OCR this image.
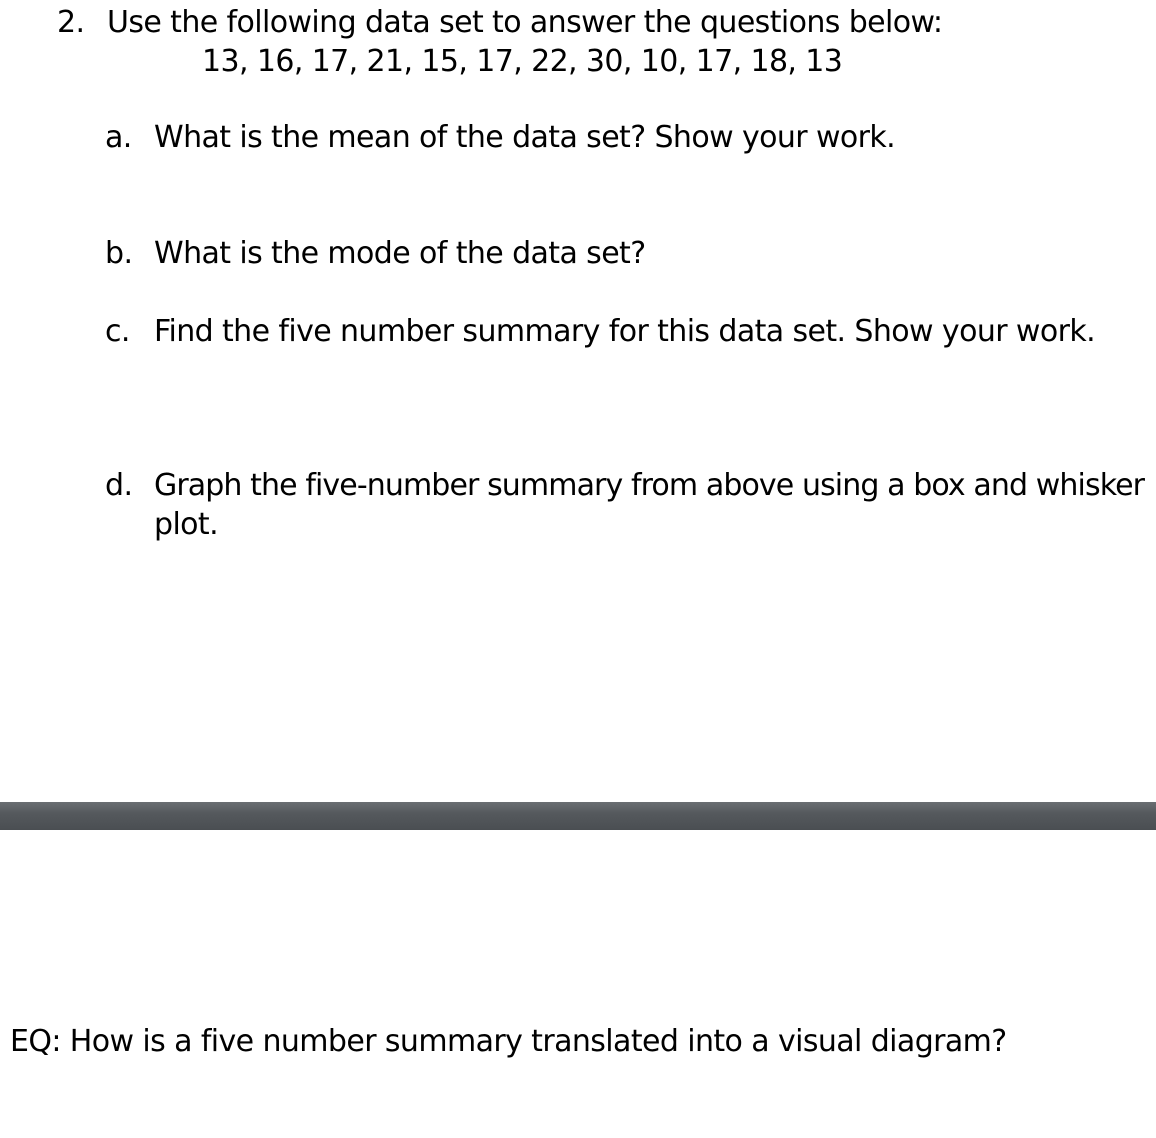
2. Use the following data set to answer the questions below:
13, 16, 17, 21, 15, 17, 22, 30, 10, 17, 18, 13
a. What is the mean of the data set? Show your work.
b. What is the mode of the data set?
c. Find the five number summary for this data set. Show your work.
d. Graph the five-number summary from above using a box and whisker
plot.
EQ: How is a five number summary translated into a visual diagram?
